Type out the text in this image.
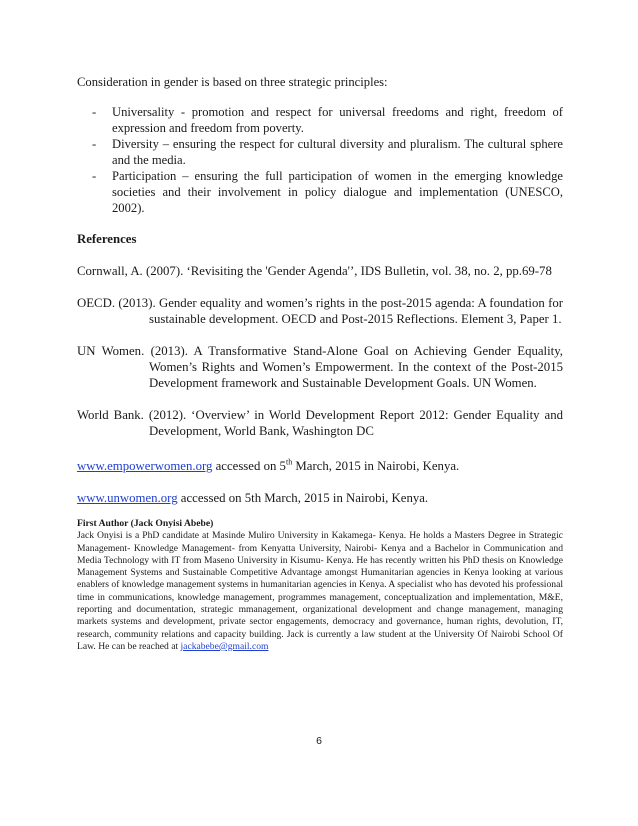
Consideration in gender is based on three strategic principles:

- Universality - promotion and respect for universal freedoms and right, freedom of expression and freedom from poverty.
- Diversity – ensuring the respect for cultural diversity and pluralism. The cultural sphere and the media.
- Participation – ensuring the full participation of women in the emerging knowledge societies and their involvement in policy dialogue and implementation (UNESCO, 2002).

References

Cornwall, A. (2007). ‘Revisiting the 'Gender Agenda'’, IDS Bulletin, vol. 38, no. 2, pp.69-78

OECD. (2013). Gender equality and women’s rights in the post-2015 agenda: A foundation for sustainable development. OECD and Post-2015 Reflections. Element 3, Paper 1.

UN Women. (2013). A Transformative Stand-Alone Goal on Achieving Gender Equality, Women’s Rights and Women’s Empowerment. In the context of the Post-2015 Development framework and Sustainable Development Goals. UN Women.

World Bank. (2012). ‘Overview’ in World Development Report 2012: Gender Equality and Development, World Bank, Washington DC

www.empowerwomen.org accessed on 5th March, 2015 in Nairobi, Kenya.

www.unwomen.org accessed on 5th March, 2015 in Nairobi, Kenya.

First Author (Jack Onyisi Abebe)
Jack Onyisi is a PhD candidate at Masinde Muliro University in Kakamega- Kenya. He holds a Masters Degree in Strategic Management- Knowledge Management- from Kenyatta University, Nairobi- Kenya and a Bachelor in Communication and Media Technology with IT from Maseno University in Kisumu- Kenya. He has recently written his PhD thesis on Knowledge Management Systems and Sustainable Competitive Advantage amongst Humanitarian agencies in Kenya looking at various enablers of knowledge management systems in humanitarian agencies in Kenya. A specialist who has devoted his professional time in communications, knowledge management, programmes management, conceptualization and implementation, M&E, reporting and documentation, strategic mmanagement, organizational development and change management, managing markets systems and development, private sector engagements, democracy and governance, human rights, devolution, IT, research, community relations and capacity building. Jack is currently a law student at the University Of Nairobi School Of Law. He can be reached at jackabebe@gmail.com
6
